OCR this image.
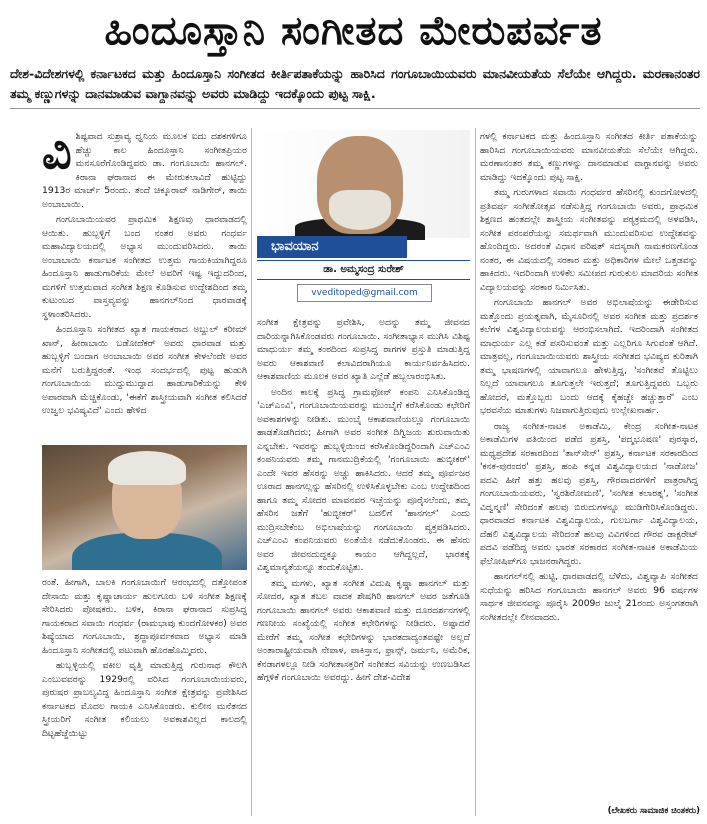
ಹಿಂದೂಸ್ತಾನಿ ಸಂಗೀತದ ಮೇರುಪರ್ವತ
ದೇಶ-ವಿದೇಶಗಳಲ್ಲಿ ಕರ್ನಾಟಕದ ಮತ್ತು ಹಿಂದೂಸ್ತಾನಿ ಸಂಗೀತದ ಕೀರ್ತಿಪತಾಕೆಯನ್ನು ಹಾರಿಸಿದ ಗಂಗೂಬಾಯಿಯವರು ಮಾನವೀಯತೆಯ ಸೆಲೆಯೇ ಆಗಿದ್ದರು. ಮರಣಾನಂತರ ತಮ್ಮ ಕಣ್ಣುಗಳನ್ನು ದಾನಮಾಡುವ ವಾಗ್ದಾನವನ್ನು ಅವರು ಮಾಡಿದ್ದು ಇದಕ್ಕೊಂದು ಪುಟ್ಟ ಸಾಕ್ಷಿ.
ವಿ ಶಿಷ್ಟವಾದ ಸುಶ್ರಾವ್ಯ ಧ್ವನಿಯ ಮೂಲಕ ಐದು ದಶಕಗಳಿಗೂ ಹೆಚ್ಚು ಕಾಲ ಹಿಂದೂಸ್ತಾನಿ ಸಂಗೀತಪ್ರಿಯರ ಮನಸೂರೆಗೊಂಡಿದ್ದವರು ಡಾ. ಗಂಗೂಬಾಯಿ ಹಾನಗಲ್. ಕಿರಾನಾ ಘರಾನಾದ ಈ ಮೇರುಕಲಾವಿದೆ ಹುಟ್ಟಿದ್ದು 1913ರ ಮಾರ್ಚ್ 5ರಂದು. ತಂದೆ ಚಿಕ್ಕೂರಾವ್ ನಾಡಿಗೇರ್, ತಾಯಿ ಅಂಬಾಬಾಯಿ.

ಗಂಗೂಬಾಯಿಯವರ ಪ್ರಾಥಮಿಕ ಶಿಕ್ಷಣವು ಧಾರವಾಡದಲ್ಲಿ ಆಯಿತು. ಹುಬ್ಬಳ್ಳಿಗೆ ಬಂದ ನಂತರ ಅವರು ಗಂಧರ್ವ ಮಹಾವಿದ್ಯಾಲಯದಲ್ಲಿ ಅಭ್ಯಾಸ ಮುಂದುವರಿಸಿದರು. ತಾಯಿ ಅಂಬಾಬಾಯಿ ಕರ್ನಾಟಕ ಸಂಗೀತದ ಉತ್ತಮ ಗಾಯಕಿಯಾಗಿದ್ದರೂ ಹಿಂದೂಸ್ತಾನಿ ಹಾಡುಗಾರಿಕೆಯ ಮೇಲೆ ಅವರಿಗೆ ಇಷ್ಟ ಇದ್ದುದರಿಂದ, ಮಗಳಿಗೆ ಉತ್ತಮವಾದ ಸಂಗೀತ ಶಿಕ್ಷಣ ಕೊಡಿಸುವ ಉದ್ದೇಶದಿಂದ ತಮ್ಮ ಕುಟುಂಬದ ವಾಸ್ತವ್ಯವನ್ನು ಹಾನಗಲ್‌ನಿಂದ ಧಾರವಾಡಕ್ಕೆ ಸ್ಥಳಾಂತರಿಸಿದರು.

ಹಿಂದೂಸ್ತಾನಿ ಸಂಗೀತದ ಖ್ಯಾತ ಗಾಯಕರಾದ ಅಬ್ದುಲ್ ಕರೀಮ್ ಖಾನ್, ಹೀರಾಬಾಯಿ ಬಡೋದೆಕರ್ ಅವರು ಧಾರವಾಡ ಮತ್ತು ಹುಬ್ಬಳ್ಳಿಗೆ ಬಂದಾಗ ಅಂಬಾಬಾಯಿ ಅವರ ಸಂಗೀತ ಕೇಳಲೆಂದೇ ಅವರ ಮನೆಗೆ ಬರುತ್ತಿದ್ದರಂತೆ. ಇಂಥ ಸಂದರ್ಭದಲ್ಲಿ ಪುಟ್ಟ ಹುಡುಗಿ ಗಂಗೂಬಾಯಿಯ ಮುದ್ದುಮುದ್ದಾದ ಹಾಡುಗಾರಿಕೆಯನ್ನು ಕೇಳಿ ಅಪಾರವಾಗಿ ಮೆಚ್ಚಿಕೊಂಡು, 'ಈಕೆಗೆ ಶಾಸ್ತ್ರೀಯವಾಗಿ ಸಂಗೀತ ಕಲಿಸಿದರೆ ಉಜ್ವಲ ಭವಿಷ್ಯವಿದೆ' ಎಂದು ಹೇಳಿದ

ರಂತೆ. ಹೀಗಾಗಿ, ಬಾಲಕಿ ಗಂಗೂಬಾಯಿಗೆ ಆರಂಭದಲ್ಲಿ ದತ್ತೋಪಂತ ದೇಸಾಯಿ ಮತ್ತು ಕೃಷ್ಣಾಚಾರ್ಯ ಹುಲಗೂರು ಬಳಿ ಸಂಗೀತ ಶಿಕ್ಷಣಕ್ಕೆ ಸೇರಿಸಿದರು ಪೋಷಕರು. ಬಳಿಕ, ಕಿರಾನಾ ಘರಾನಾದ ಸುಪ್ರಸಿದ್ಧ ಗಾಯಕರಾದ ಸವಾಯಿ ಗಂಧರ್ವ (ರಾಮಭಾವು ಕುಂದಗೋಳಕರ) ಅವರ ಶಿಷ್ಯೆಯಾದ ಗಂಗೂಬಾಯಿ, ಶ್ರದ್ಧಾಪೂರ್ವಕವಾದ ಅಭ್ಯಾಸ ಮಾಡಿ ಹಿಂದೂಸ್ತಾನಿ ಸಂಗೀತದಲ್ಲಿ ಪಟುವಾಗಿ ಹೊರಹೊಮ್ಮಿದರು.

ಹುಬ್ಬಳ್ಳಿಯಲ್ಲಿ ವಕೀಲ ವೃತ್ತಿ ಮಾಡುತ್ತಿದ್ದ ಗುರುನಾಥ ಕೌಲಗಿ ಎಂಬುವವರನ್ನು 1929ರಲ್ಲಿ ವರಿಸಿದ ಗಂಗೂಬಾಯಿಯವರು, ಪುರುಷರ ಪ್ರಾಬಲ್ಯವಿದ್ದ ಹಿಂದೂಸ್ತಾನಿ ಸಂಗೀತ ಕ್ಷೇತ್ರವನ್ನು ಪ್ರವೇಶಿಸಿದ ಕರ್ನಾಟಕದ ಮೊದಲ ಗಾಯಕಿ ಎನಿಸಿಕೊಂಡರು. ಕುಲೀನ ಮನೆತನದ ಸ್ತ್ರೀಯರಿಗೆ ಸಂಗೀತ ಕಲಿಯಲು ಅವಕಾಶವಿಲ್ಲದ ಕಾಲದಲ್ಲಿ ದಿಟ್ಟಹೆಜ್ಜೆಯಿಟ್ಟು

ಭಾವಯಾನ
ಡಾ. ಅಮ್ಮಸಂದ್ರ ಸುರೇಶ್
vveditoped@gmail.com

ಸಂಗೀತ ಕ್ಷೇತ್ರವನ್ನು ಪ್ರವೇಶಿಸಿ, ಅದನ್ನು ತಮ್ಮ ಜೀವನದ ದಾರಿಯನ್ನಾಗಿಸಿಕೊಂಡವರು ಗಂಗೂಬಾಯಿ. ಸಂಗೀತಾಭ್ಯಾಸ ಮುಗಿಸಿ ವಿಶಿಷ್ಟ ಮಾಧುರ್ಯ ತಮ್ಮ ಕಂಠದಿಂದ ಸುಪ್ರಸಿದ್ಧ ರಾಗಗಳ ಪ್ರಸ್ತುತಿ ಮಾಡುತ್ತಿದ್ದ ಅವರು ಆಕಾಶವಾಣಿ ಕಲಾವಿದರಾಗಿಯೂ ಕಾರ್ಯನಿರ್ವಹಿಸಿದರು. ಆಕಾಶವಾಣಿಯ ಮೂಲಕ ಅವರ ಖ್ಯಾತಿ ಎಲ್ಲೆಡೆ ಹಬ್ಬಲಾರಂಭಿಸಿತು.

ಅಂದಿನ ಕಾಲಕ್ಕೆ ಪ್ರಸಿದ್ಧ ಗ್ರಾಮಫೋನ್ ಕಂಪನಿ ಎನಿಸಿಕೊಂಡಿದ್ದ 'ಎಚ್‌ಎಂವಿ', ಗಂಗೂಬಾಯಿಯವರನ್ನು ಮುಂಬೈಗೆ ಕರೆಸಿಕೊಂಡು ಕಛೇರಿಗೆ ಅವಕಾಶಗಳನ್ನು ನೀಡಿತು. ಮುಂಬೈ ಆಕಾಶವಾಣಿಯಲ್ಲೂ ಗಂಗೂಬಾಯಿ ಹಾಡತೊಡಗಿದರು; ಹೀಗಾಗಿ ಅವರ ಸಂಗೀತ ದಿಗ್ವಿಜಯ ಶುರುವಾಯಿತು ಎನ್ನಬೇಕು. ಇವರನ್ನು ಹುಬ್ಬಳ್ಳಿಯಿಂದ ಕರೆಸಿಕೊಂಡಿದ್ದರಿಂದಾಗಿ ಎಚ್‌ಎಂವಿ ಕಂಪನಿಯವರು ತಮ್ಮ ಗಾನಮುದ್ರಿಕೆಯಲ್ಲಿ 'ಗಂಗೂಬಾಯಿ ಹುಬ್ಳೀಕರ್' ಎಂದೇ ಇವರ ಹೆಸರನ್ನು ಅಚ್ಚು ಹಾಕಿಸಿದರು. ಆದರೆ ತಮ್ಮ ಪೂರ್ವಜರ ಊರಾದ ಹಾನಗಲ್ಲನ್ನು ಹೆಸರಿನಲ್ಲಿ ಉಳಿಸಿಕೊಳ್ಳಬೇಕು ಎಂಬ ಉದ್ದೇಶದಿಂದ ಹಾಗೂ ತಮ್ಮ ಸೋದರ ಮಾವನವರ ಇಚ್ಛೆಯನ್ನು ಪೂರೈಸಲೆಂದು, ತಮ್ಮ ಹೆಸರಿನ ಜತೆಗೆ 'ಹುಬ್ಳೀಕರ್' ಬದಲಿಗೆ 'ಹಾನಗಲ್' ಎಂದು ಮುದ್ರಿಸಬೇಕೆಂಬ ಅಭಿಲಾಷೆಯನ್ನು ಗಂಗೂಬಾಯಿ ವ್ಯಕ್ತಪಡಿಸಿದರು. ಎಚ್‌ಎಂವಿ ಕಂಪನಿಯವರು ಅಂತೆಯೇ ನಡೆದುಕೊಂಡರು. ಈ ಹೆಸರು ಅವರ ಜೀವನದುದ್ದಕ್ಕೂ ಕಾಯಂ ಆಗಿದ್ದಲ್ಲದೆ, ಭಾರತಕ್ಕೆ ವಿಶ್ವಮಾನ್ಯತೆಯನ್ನೂ ತಂದುಕೊಟ್ಟಿತು.

ತಮ್ಮ ಮಗಳು, ಖ್ಯಾತ ಸಂಗೀತ ವಿದುಷಿ ಕೃಷ್ಣಾ ಹಾನಗಲ್ ಮತ್ತು ಸೋದರ, ಖ್ಯಾತ ತಬಲ ವಾದಕ ಶೇಷಗಿರಿ ಹಾನಗಲ್ ಅವರ ಜತೆಗೂಡಿ ಗಂಗೂಬಾಯಿ ಹಾನಗಲ್ ಅವರು ಆಕಾಶವಾಣಿ ಮತ್ತು ದೂರದರ್ಶನಗಳಲ್ಲಿ ಗಣನೀಯ ಸಂಖ್ಯೆಯಲ್ಲಿ ಸಂಗೀತ ಕಛೇರಿಗಳನ್ನು ನೀಡಿದರು. ಅಷ್ಟಾದರೆ ಮೇರೆಗೆ ತಮ್ಮ ಸಂಗೀತ ಕಛೇರಿಗಳನ್ನು ಭಾರತದಾದ್ಯಂತವಷ್ಟೇ ಅಲ್ಲದೆ ಅಂತಾರಾಷ್ಟ್ರೀಯವಾಗಿ ನೇಪಾಳ, ಪಾಕಿಸ್ತಾನ, ಫ್ರಾನ್ಸ್, ಜರ್ಮನಿ, ಅಮೆರಿಕ, ಕೆನಡಾಗಳಲ್ಲೂ ನೀಡಿ ಸಂಗೀತಾಸಕ್ತರಿಗೆ ಸಂಗೀತದ ಸವಿಯನ್ನು ಉಣಬಡಿಸಿದ ಹೆಗ್ಗಳಿಕೆ ಗಂಗೂಬಾಯಿ ಅವರದ್ದು. ಹೀಗೆ ದೇಶ-ವಿದೇಶ

ಗಳಲ್ಲಿ ಕರ್ನಾಟಕದ ಮತ್ತು ಹಿಂದೂಸ್ತಾನಿ ಸಂಗೀತದ ಕೀರ್ತಿ ಪತಾಕೆಯನ್ನು ಹಾರಿಸಿದ ಗಂಗೂಬಾಯಿಯವರು ಮಾನವೀಯತೆಯ ಸೆಲೆಯೇ ಆಗಿದ್ದರು. ಮರಣಾನಂತರ ತಮ್ಮ ಕಣ್ಣುಗಳನ್ನು ದಾನಮಾಡುವ ವಾಗ್ದಾನವನ್ನು ಅವರು ಮಾಡಿದ್ದು ಇದಕ್ಕೊಂದು ಪುಟ್ಟ ಸಾಕ್ಷಿ.

ತಮ್ಮ ಗುರುಗಳಾದ ಸವಾಯಿ ಗಂಧರ್ವರ ಹೆಸರಿನಲ್ಲಿ ಕುಂದಗೋಳದಲ್ಲಿ ಪ್ರತಿವರ್ಷ ಸಂಗೀತೋತ್ಸವ ನಡೆಸುತ್ತಿದ್ದ ಗಂಗೂಬಾಯಿ ಅವರು, ಪ್ರಾಥಮಿಕ ಶಿಕ್ಷಣದ ಹಂತದಲ್ಲೇ ಶಾಸ್ತ್ರೀಯ ಸಂಗೀತವನ್ನು ಪಠ್ಯಕ್ರಮದಲ್ಲಿ ಅಳವಡಿಸಿ, ಸಂಗೀತ ಪರಂಪರೆಯನ್ನು ಸಮರ್ಥವಾಗಿ ಮುಂದುವರಿಸುವ ಉದ್ದೇಶವನ್ನು ಹೊಂದಿದ್ದರು. ಅದರಂತೆ ವಿಧಾನ ಪರಿಷತ್ ಸದಸ್ಯರಾಗಿ ನಾಮಕರಣಗೊಂಡ ನಂತರ, ಈ ವಿಷಯದಲ್ಲಿ ಸರಕಾರ ಮತ್ತು ಅಧಿಕಾರಿಗಳ ಮೇಲೆ ಒತ್ತಡವನ್ನು ಹಾಕಿದರು. ಇದರಿಂದಾಗಿ ಉಳಿಕೆಲ ಸಮೀಪದ ಗುರುಕುಲ ಮಾದರಿಯ ಸಂಗೀತ ವಿದ್ಯಾಲಯವನ್ನು ಸರಕಾರ ನಿರ್ಮಿಸಿತು.

ಗಂಗೂಬಾಯಿ ಹಾನಗಲ್ ಅವರ ಅಭಿಲಾಷೆಯನ್ನು ಈಡೇರಿಸುವ ಮತ್ತೊಂದು ಪ್ರಯತ್ನವಾಗಿ, ಮೈಸೂರಿನಲ್ಲಿ ಅವರ ಸಂಗೀತ ಮತ್ತು ಪ್ರದರ್ಶಕ ಕಲೆಗಳ ವಿಶ್ವವಿದ್ಯಾಲಯವನ್ನು ಆರಂಭಿಸಲಾಗಿದೆ. ಇದರಿಂದಾಗಿ ಸಂಗೀತದ ಮಾಧುರ್ಯ ಎಲ್ಲ ಕಡೆ ಪಸರಿಸುವಂತೆ ಮತ್ತು ಎಲ್ಲರಿಗೂ ಸಿಗುವಂತೆ ಆಗಿದೆ. ಮಾತ್ರವಲ್ಲ, ಗಂಗೂಬಾಯಿಯವರು ಶಾಸ್ತ್ರೀಯ ಸಂಗೀತದ ಭವಿಷ್ಯದ ಕುರಿತಾಗಿ ತಮ್ಮ ಭಾಷಣಗಳಲ್ಲಿ ಯಾವಾಗಲೂ ಹೇಳುತ್ತಿದ್ದ, 'ಸಂಗೀತವೆ ತೊಟ್ಟಿಲು ನಿಲ್ಲದೆ ಯಾವಾಗಲೂ ತೂಗುತ್ತಲೇ ಇರುತ್ತದೆ; ತೂಗುತ್ತಿದ್ದವರು ಒಬ್ಬರು ಹೋದರೆ, ಮತ್ತೊಬ್ಬರು ಬಂದು ಆದಕ್ಕೆ ಕೈಹಚ್ಚೇ ಹಚ್ಚುತ್ತಾರೆ' ಎಂಬ ಭರವಸೆಯ ಮಾತುಗಳು ನಿಜವಾಗುತ್ತಿರುವುದು ಉಲ್ಲೇಖನಾರ್ಹ.

ರಾಜ್ಯ ಸಂಗೀತ-ನಾಟಕ ಅಕಾಡೆಮಿ, ಕೇಂದ್ರ ಸಂಗೀತ-ನಾಟಕ ಅಕಾಡೆಮಿಗಳ ವತಿಯಿಂದ ಪಡೆದ ಪ್ರಶಸ್ತಿ, 'ಪದ್ಮಭೂಷಣ' ಪುರಸ್ಕಾರ, ಮಧ್ಯಪ್ರದೇಶ ಸರಕಾರದಿಂದ 'ತಾನ್‌ಸೇನ್' ಪ್ರಶಸ್ತಿ, ಕರ್ನಾಟಕ ಸರಕಾರದಿಂದ 'ಕನಕ-ಪುರಂದರ' ಪ್ರಶಸ್ತಿ, ಹಂಪಿ ಕನ್ನಡ ವಿಶ್ವವಿದ್ಯಾಲಯದ 'ನಾಡೋಜ' ಪದವಿ ಹೀಗೆ ಹತ್ತು ಹಲವು ಪ್ರಶಸ್ತಿ, ಗೌರವಾದರಗಳಿಗೆ ಪಾತ್ರರಾಗಿದ್ದ ಗಂಗೂಬಾಯಿಯವರು, 'ಸ್ವರಶಿರೋಮಣಿ', 'ಸಂಗೀತ ಕಲಾರತ್ನ', 'ಸಂಗೀತ ವಿದ್ವನ್ಮಣಿ' ಸೇರಿದಂತೆ ಹಲವು ಬಿರುದುಗಳನ್ನೂ ಮುಡಿಗೇರಿಸಿಕೊಂಡಿದ್ದರು. ಧಾರವಾಡದ ಕರ್ನಾಟಕ ವಿಶ್ವವಿದ್ಯಾಲಯ, ಗುಲಬರ್ಗಾ ವಿಶ್ವವಿದ್ಯಾಲಯ, ದೆಹಲಿ ವಿಶ್ವವಿದ್ಯಾಲಯ ಸೇರಿದಂತೆ ಹಲವು ವಿವಿಗಳಿಂದ ಗೌರವ ಡಾಕ್ಟರೇಟ್ ಪದವಿ ಪಡೆದಿದ್ದ ಅವರು ಭಾರತ ಸರಕಾರದ ಸಂಗೀತ-ನಾಟಕ ಅಕಾಡೆಮಿಯ ಫೆಲೋಷಿಪ್‌ಗೂ ಭಾಜನರಾಗಿದ್ದರು.

ಹಾನಗಲ್‌ನಲ್ಲಿ ಹುಟ್ಟಿ, ಧಾರವಾಡದಲ್ಲಿ ಬೆಳೆದು, ವಿಶ್ವವ್ಯಾಪಿ ಸಂಗೀತದ ಸುಧೆಯನ್ನು ಹರಿಸಿದ ಗಂಗೂಬಾಯಿ ಹಾನಗಲ್ ಅವರು 96 ವರ್ಷಗಳ ಸಾರ್ಥಕ ಜೀವನವನ್ನು ಪೂರೈಸಿ 2009ರ ಜುಲೈ 21ರಂದು ಅಸ್ತಂಗತರಾಗಿ ಸಂಗೀತದಲ್ಲೇ ಲೀನವಾದರು.

(ಲೇಖಕರು ಸಾಮಾಜಿಕ ಚಿಂತಕರು)
